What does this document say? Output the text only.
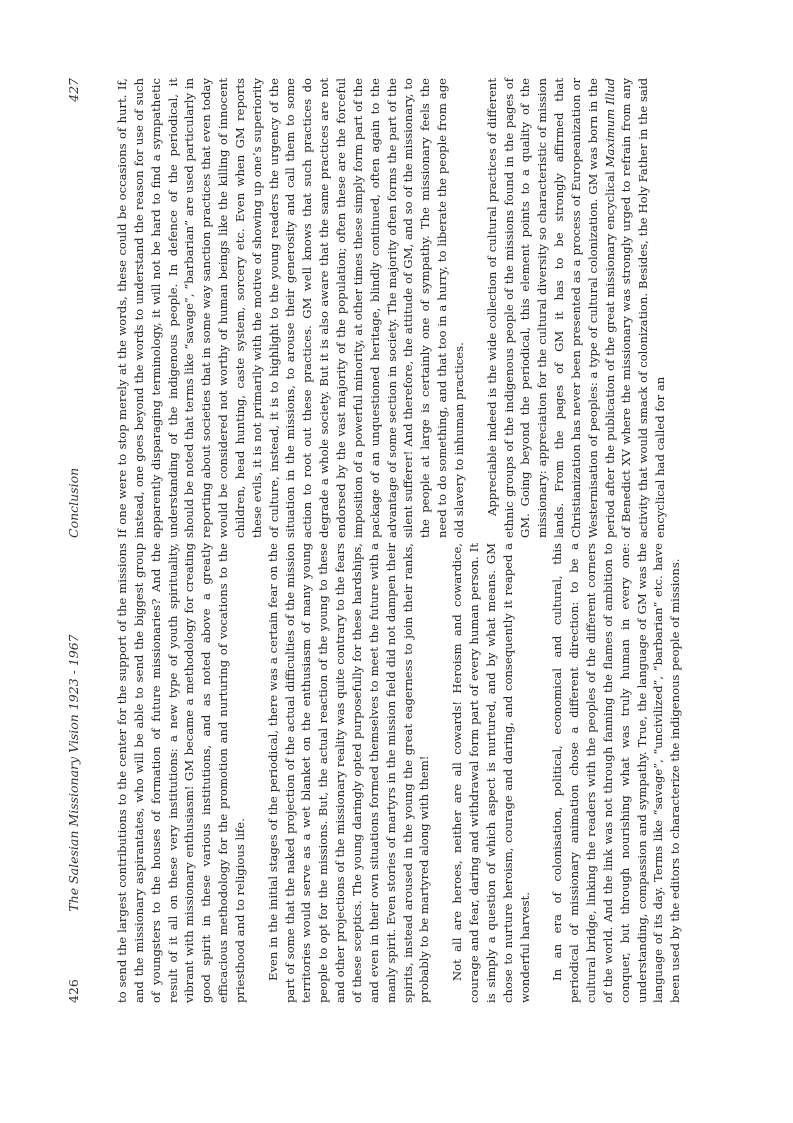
426
The Salesian Missionary Vision 1923 - 1967	to send the largest contributions to the center for the support of the missions and the missionary aspirantates, who will be able to send the biggest group of youngsters to the houses of formation of future missionaries? And the result of it all on these very institutions: a new type of youth spirituality, vibrant with missionary enthusiasm! GM became a methodology for creating good spirit in these various institutions, and as noted above a greatly efficacious methodology for the promotion and nurturing of vocations to the priesthood and to religious life. Even in the initial stages of the periodical, there was a certain fear on the part of some that the naked projection of the actual difficulties of the mission territories would serve as a wet blanket on the enthusiasm of many young people to opt for the missions. But, the actual reaction of the young to these and other projections of the missionary reality was quite contrary to the fears of these sceptics. The young daringly opted purposefully for these hardships, and even in their own situations formed themselves to meet the future with a manly spirit. Even stories of martyrs in the mission field did not dampen their spirits, instead aroused in the young the great eagerness to join their ranks, probably to be martyred along with them! Not all are heroes, neither are all cowards! Heroism and cowardice, courage and fear, daring and withdrawal form part of every human person. It is simply a question of which aspect is nurtured, and by what means. GM chose to nurture heroism, courage and daring, and consequently it reaped a wonderful harvest. In an era of colonisation, political, economical and cultural, this periodical of missionary animation chose a different direction: to be a cultural bridge, linking the readers with the peoples of the different corners of the world. And the link was not through fanning the flames of ambition to conquer, but through nourishing what was truly human in every one: understanding, compassion and sympathy. True, the language of GM was the language of its day. Terms like “savage”, “uncivilized”, “barbarian” etc. have been used by the editors to characterize the indigenous people of missions.

Conclusion
427	If one were to stop merely at the words, these could be occasions of hurt. If, instead, one goes beyond the words to understand the reason for use of such apparently disparaging terminology, it will not be hard to find a sympathetic understanding of the indigenous people. In defence of the periodical, it should be noted that terms like “savage”, “barbarian” are used particularly in reporting about societies that in some way sanction practices that even today would be considered not worthy of human beings like the killing of innocent children, head hunting, caste system, sorcery etc. Even when GM reports these evils, it is not primarily with the motive of showing up one’s superiority of culture, instead, it is to highlight to the young readers the urgency of the situation in the missions, to arouse their generosity and call them to some action to root out these practices. GM well knows that such practices do degrade a whole society. But it is also aware that the same practices are not endorsed by the vast majority of the population; often these are the forceful imposition of a powerful minority, at other times these simply form part of the package of an unquestioned heritage, blindly continued, often again to the advantage of some section in society. The majority often forms the part of the silent sufferer! And therefore, the attitude of GM, and so of the missionary, to the people at large is certainly one of sympathy. The missionary feels the need to do something, and that too in a hurry, to liberate the people from age old slavery to inhuman practices. Appreciable indeed is the wide collection of cultural practices of different ethnic groups of the indigenous people of the missions found in the pages of GM. Going beyond the periodical, this element points to a quality of the missionary: appreciation for the cultural diversity so characteristic of mission lands. From the pages of GM it has to be strongly affirmed that Christianization has never been presented as a process of Europeanization or Westernisation of peoples: a type of cultural colonization. GM was born in the period after the publication of the great missionary encyclical Maximum Illud of Benedict XV where the missionary was strongly urged to refrain from any activity that would smack of colonization. Besides, the Holy Father in the said encyclical had called for an
